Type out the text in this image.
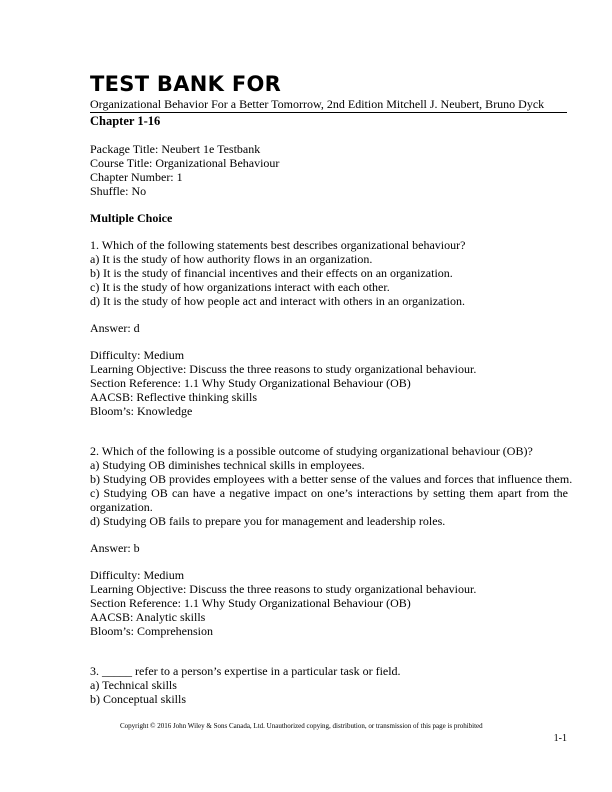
TEST BANK FOR
Organizational Behavior For a Better Tomorrow, 2nd Edition Mitchell J. Neubert, Bruno Dyck
Chapter 1-16
Package Title: Neubert 1e Testbank
Course Title: Organizational Behaviour
Chapter Number: 1
Shuffle: No
Multiple Choice
1. Which of the following statements best describes organizational behaviour?
a) It is the study of how authority flows in an organization.
b) It is the study of financial incentives and their effects on an organization.
c) It is the study of how organizations interact with each other.
d) It is the study of how people act and interact with others in an organization.
Answer: d
Difficulty: Medium
Learning Objective: Discuss the three reasons to study organizational behaviour.
Section Reference: 1.1 Why Study Organizational Behaviour (OB)
AACSB: Reflective thinking skills
Bloom’s: Knowledge
2. Which of the following is a possible outcome of studying organizational behaviour (OB)?
a) Studying OB diminishes technical skills in employees.
b) Studying OB provides employees with a better sense of the values and forces that influence them.
c) Studying OB can have a negative impact on one’s interactions by setting them apart from the organization.
d) Studying OB fails to prepare you for management and leadership roles.
Answer: b
Difficulty: Medium
Learning Objective: Discuss the three reasons to study organizational behaviour.
Section Reference: 1.1 Why Study Organizational Behaviour (OB)
AACSB: Analytic skills
Bloom’s: Comprehension
3. _____ refer to a person’s expertise in a particular task or field.
a) Technical skills
b) Conceptual skills
Copyright © 2016 John Wiley & Sons Canada, Ltd. Unauthorized copying, distribution, or transmission of this page is prohibited
1-1
